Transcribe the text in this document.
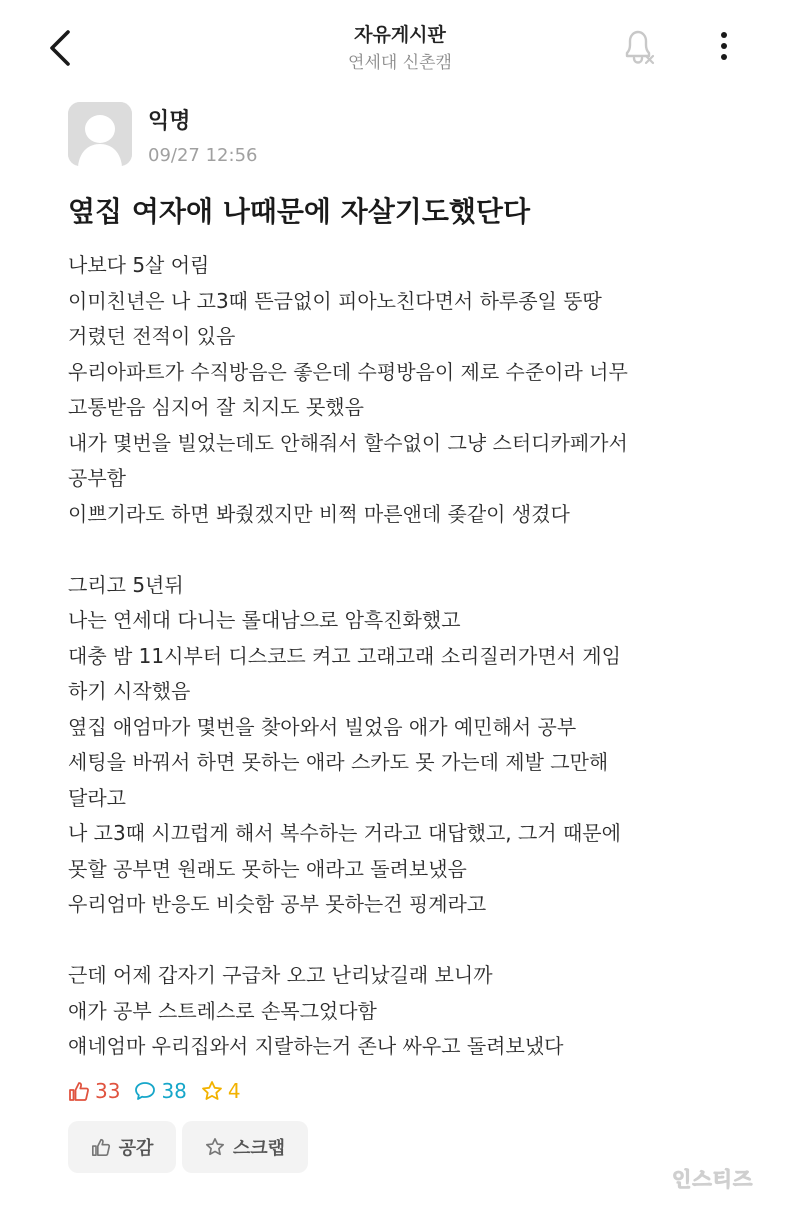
자유게시판
연세대 신촌캠
익명
09/27 12:56
옆집 여자애 나때문에 자살기도했단다
나보다 5살 어림
이미친년은 나 고3때 뜬금없이 피아노친다면서 하루종일 뚱땅
거렸던 전적이 있음
우리아파트가 수직방음은 좋은데 수평방음이 제로 수준이라 너무
고통받음 심지어 잘 치지도 못했음
내가 몇번을 빌었는데도 안해줘서 할수없이 그냥 스터디카페가서
공부함
이쁘기라도 하면 봐줬겠지만 비쩍 마른앤데 좆같이 생겼다

그리고 5년뒤
나는 연세대 다니는 롤대남으로 암흑진화했고
대충 밤 11시부터 디스코드 켜고 고래고래 소리질러가면서 게임
하기 시작했음
옆집 애엄마가 몇번을 찾아와서 빌었음 애가 예민해서 공부
세팅을 바꿔서 하면 못하는 애라 스카도 못 가는데 제발 그만해
달라고
나 고3때 시끄럽게 해서 복수하는 거라고 대답했고, 그거 때문에
못할 공부면 원래도 못하는 애라고 돌려보냈음
우리엄마 반응도 비슷함 공부 못하는건 핑계라고

근데 어제 갑자기 구급차 오고 난리났길래 보니까
애가 공부 스트레스로 손목그었다함
얘네엄마 우리집와서 지랄하는거 존나 싸우고 돌려보냈다
33 38 4
공감	스크랩
인스티즈
